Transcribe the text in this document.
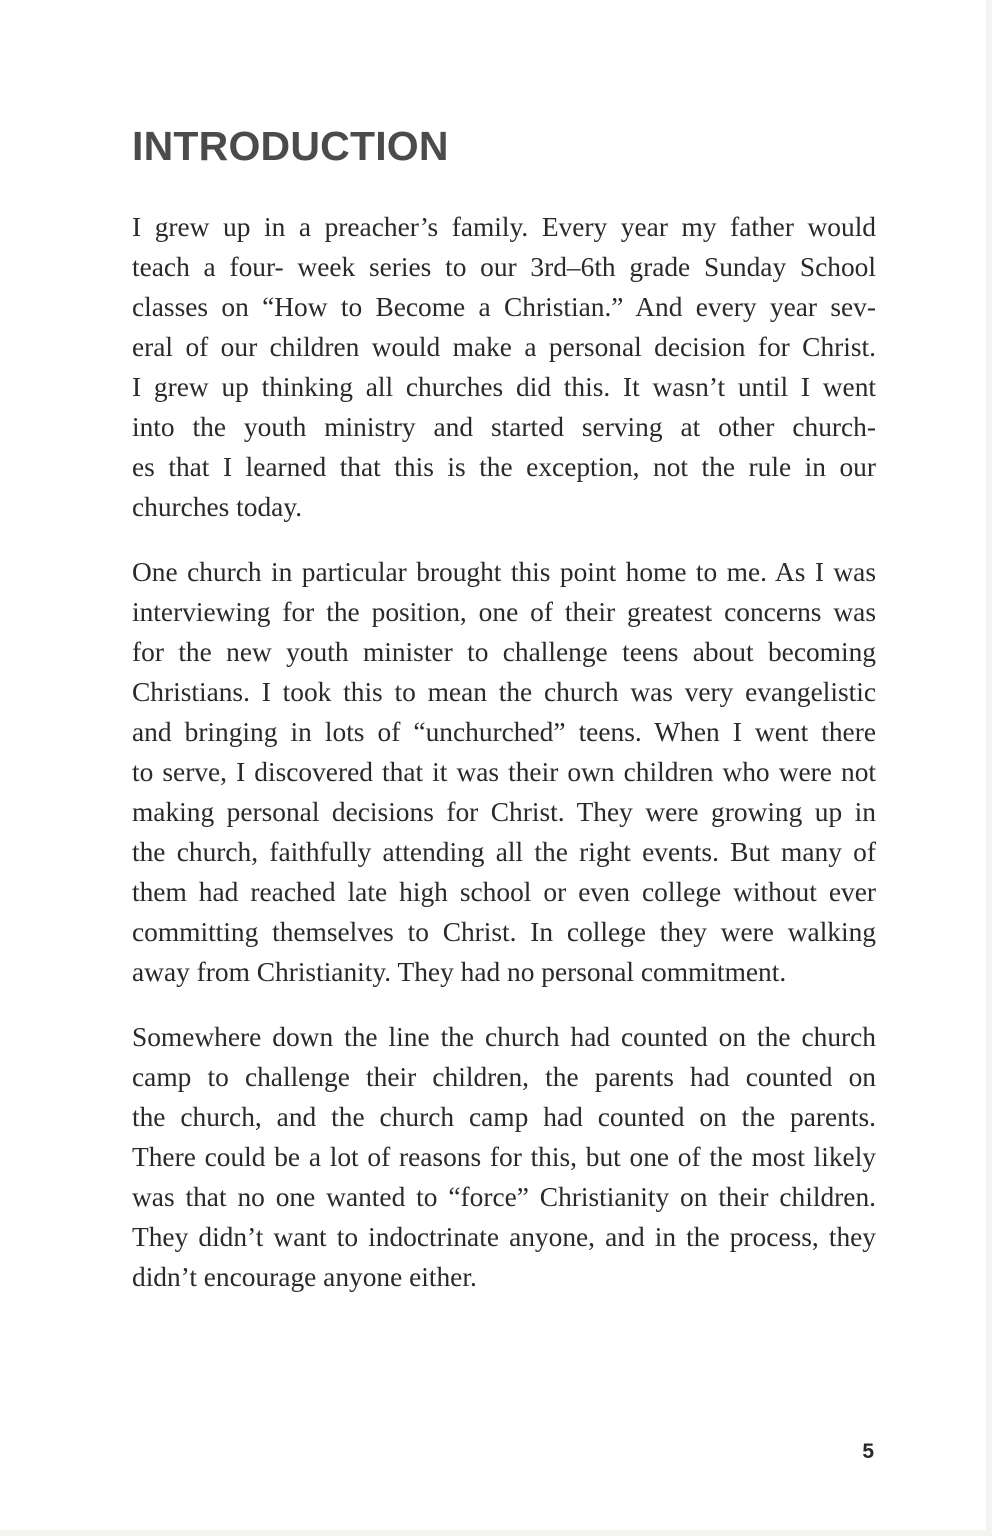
INTRODUCTION

I grew up in a preacher’s family. Every year my father would
teach a four- week series to our 3rd–6th grade Sunday School
classes on “How to Become a Christian.” And every year sev-
eral of our children would make a personal decision for Christ.
I grew up thinking all churches did this. It wasn’t until I went
into the youth ministry and started serving at other church-
es that I learned that this is the exception, not the rule in our
churches today.

One church in particular brought this point home to me. As I was
interviewing for the position, one of their greatest concerns was
for the new youth minister to challenge teens about becoming
Christians. I took this to mean the church was very evangelistic
and bringing in lots of “unchurched” teens. When I went there
to serve, I discovered that it was their own children who were not
making personal decisions for Christ. They were growing up in
the church, faithfully attending all the right events. But many of
them had reached late high school or even college without ever
committing themselves to Christ. In college they were walking
away from Christianity. They had no personal commitment.

Somewhere down the line the church had counted on the church
camp to challenge their children, the parents had counted on
the church, and the church camp had counted on the parents.
There could be a lot of reasons for this, but one of the most likely
was that no one wanted to “force” Christianity on their children.
They didn’t want to indoctrinate anyone, and in the process, they
didn’t encourage anyone either.

5
